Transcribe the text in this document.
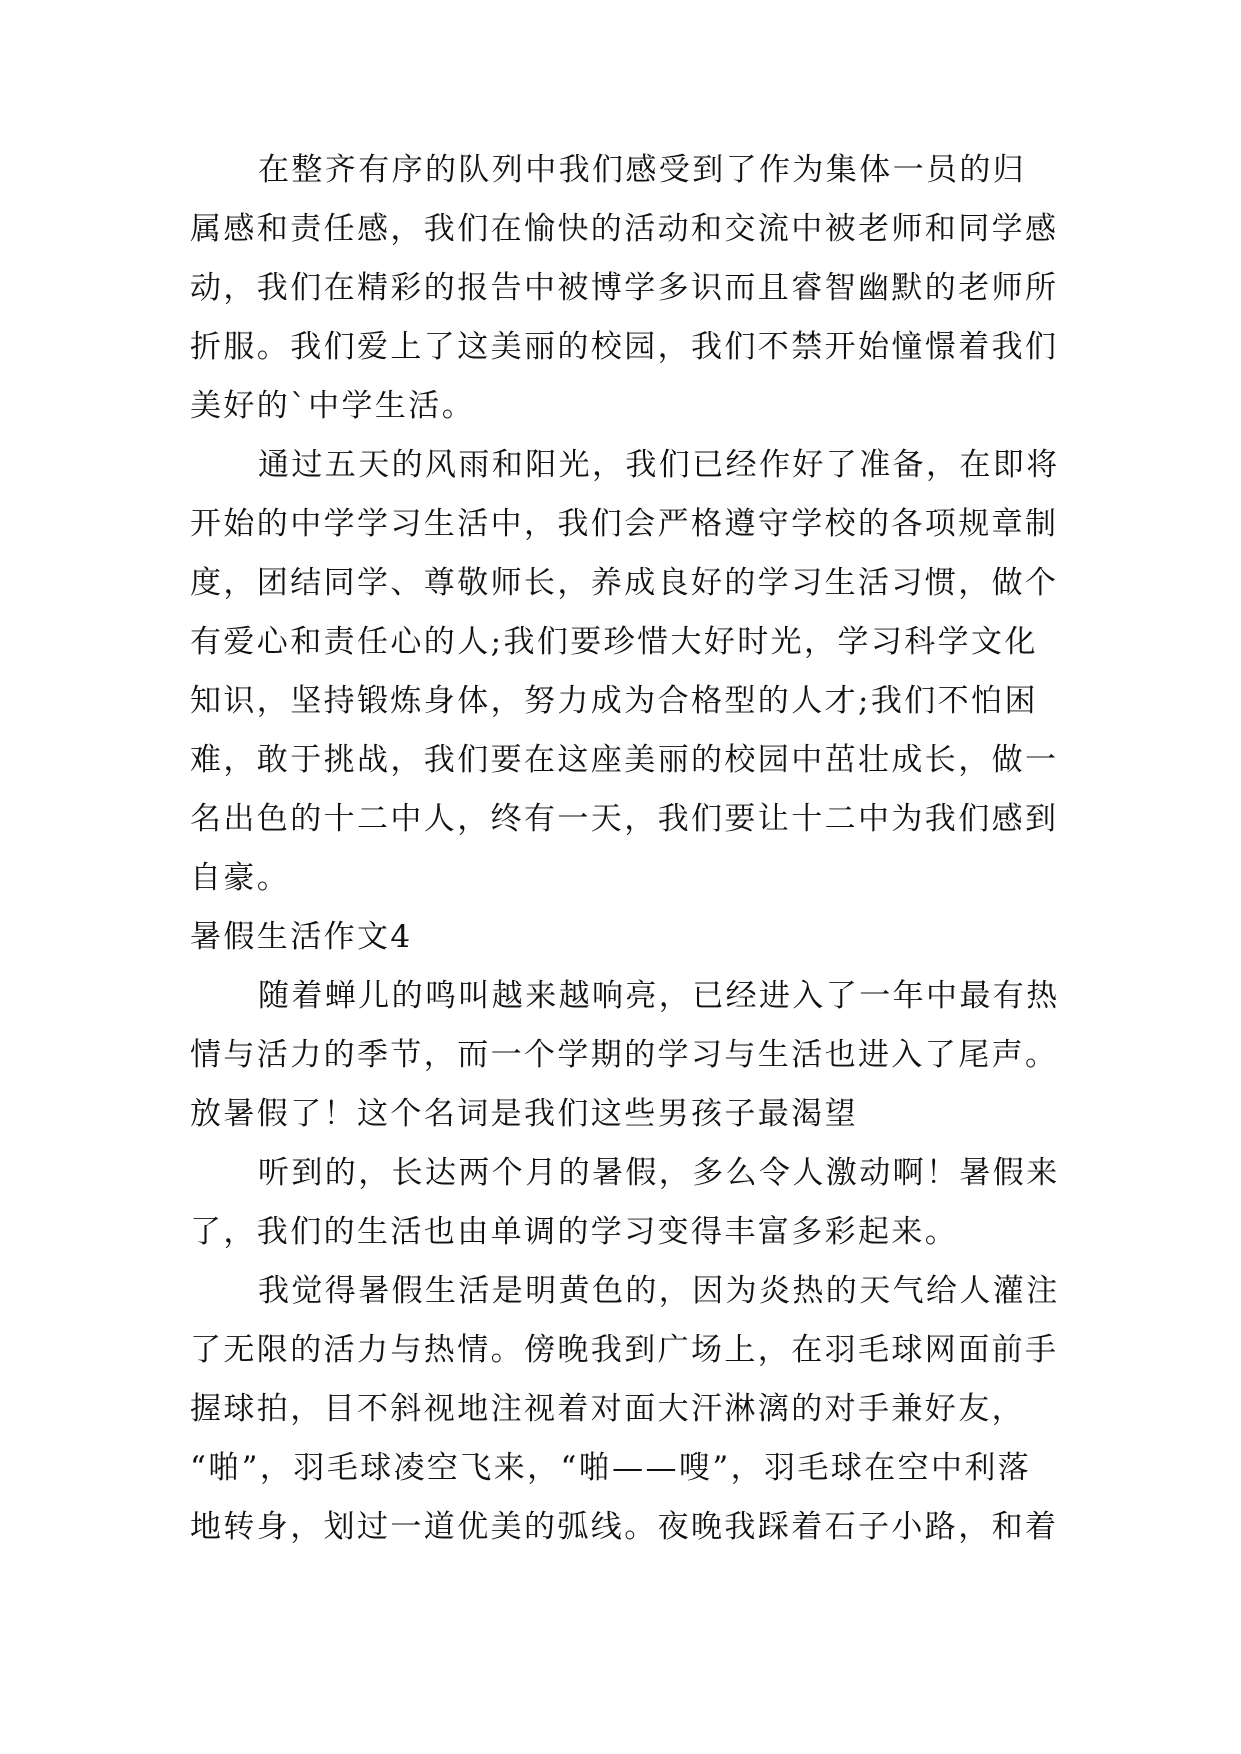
在整齐有序的队列中我们感受到了作为集体一员的归
属感和责任感，我们在愉快的活动和交流中被老师和同学感
动，我们在精彩的报告中被博学多识而且睿智幽默的老师所
折服。我们爱上了这美丽的校园，我们不禁开始憧憬着我们
美好的`中学生活。
通过五天的风雨和阳光，我们已经作好了准备，在即将
开始的中学学习生活中，我们会严格遵守学校的各项规章制
度，团结同学、尊敬师长，养成良好的学习生活习惯，做个
有爱心和责任心的人;我们要珍惜大好时光，学习科学文化
知识，坚持锻炼身体，努力成为合格型的人才;我们不怕困
难，敢于挑战，我们要在这座美丽的校园中茁壮成长，做一
名出色的十二中人，终有一天，我们要让十二中为我们感到
自豪。
暑假生活作文4
随着蝉儿的鸣叫越来越响亮，已经进入了一年中最有热
情与活力的季节，而一个学期的学习与生活也进入了尾声。
放暑假了！这个名词是我们这些男孩子最渴望
听到的，长达两个月的暑假，多么令人激动啊！暑假来
了，我们的生活也由单调的学习变得丰富多彩起来。
我觉得暑假生活是明黄色的，因为炎热的天气给人灌注
了无限的活力与热情。傍晚我到广场上，在羽毛球网面前手
握球拍，目不斜视地注视着对面大汗淋漓的对手兼好友，
“啪”，羽毛球凌空飞来，“啪——嗖”，羽毛球在空中利落
地转身，划过一道优美的弧线。夜晚我踩着石子小路，和着
